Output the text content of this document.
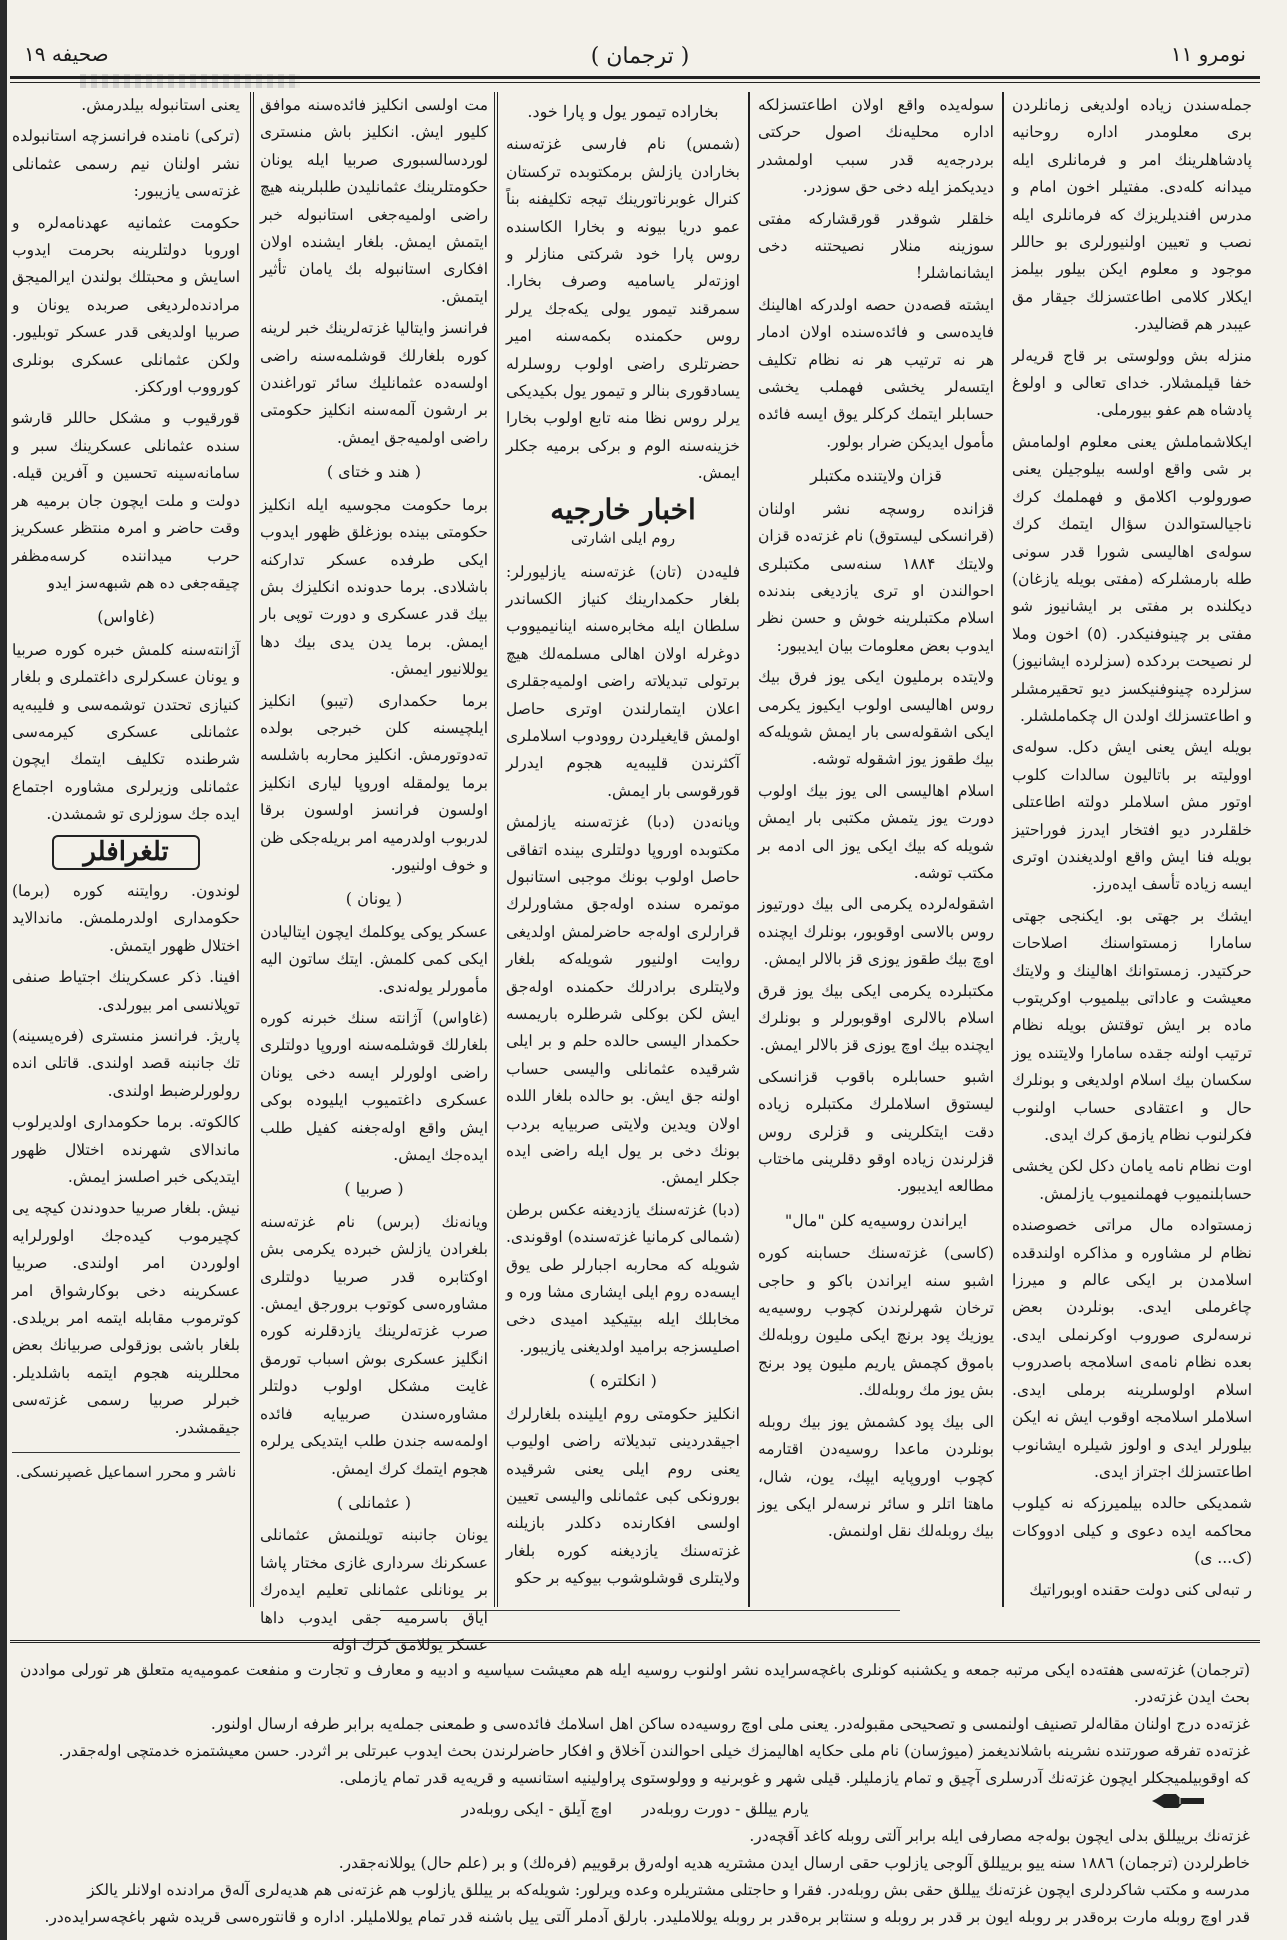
صحیفه ۱۹	( ترجمان )	نومرو ۱۱

جملەسندن زیادە اولدیغی زمانلردن بری معلومدر ادارە روحانیە پادشاهلرینك امر و فرمانلری ایلە میدانە کلەدی. مفتیلر اخون امام و مدرس افندیلریزك کە فرمانلری ایلە نصب و تعیین اولنیورلری بو حاللر موجود و معلوم ایکن بیلور بیلمز ایکلار کلامی اطاعتسزلك جیقار مق عیبدر هم قضالیدر.

منزلە بش وولوستی بر قاج قریەلر خفا قیلمشلار. خدای تعالی و اولوغ پادشاه هم عفو بیورملی.

ایکلاشماملش یعنی معلوم اولمامش بر شی واقع اولسە بیلوجیلن یعنی صورولوب اکلامق و فهملمك کرك ناجیالستوالدن سؤال ایتمك کرك سولەی اهالیسی شورا قدر سونی طلە بارمشلرکە (مفتی بویلە یازغان) دیکلندە بر مفتی بر ایشانیوز شو مفتی بر چینوفنیکدر. (٥) اخون وملا لر نصیحت بردکدە (سزلردە ایشانیوز) سزلردە چینوفنیکسز دیو تحقیرمشلر و اطاعتسزلك اولدن ال چکماملشلر.

بویلە ایش یعنی ایش دکل. سولەی اوولیتە بر باتالیون سالدات کلوب اوتور مش اسلاملر دولتە اطاعتلی خلقلردر دیو افتخار ایدرز فوراحتیز بویلە فنا ایش واقع اولدیغندن اوتری ایسە زیادە تأسف ایدەرز.

ایشك بر جهتی بو. ایکنجی جهتی سامارا زمستواسنك اصلاحات حرکتیدر. زمستوانك اهالینك و ولایتك معیشت و عاداتی بیلمیوب اوکریتوب ماده بر ایش توقتش بویلە نظام ترتیب اولنە جقدە سامارا ولایتندە یوز سکسان بیك اسلام اولدیغی و بونلرك حال و اعتقادی حساب اولنوب فکرلنوب نظام یازمق کرك ایدی.

اوت نظام نامە یامان دکل لکن یخشی حسابلنمیوب فهملنمیوب یازلمش.

زمستوادە مال مراتی خصوصندە نظام لر مشاورە و مذاکرە اولندقدە اسلامدن بر ایکی عالم و میرزا چاغرملی ایدی. بونلردن بعض نرسەلری صوروب اوکرنملی ایدی. بعدە نظام نامەی اسلامجە باصدروب اسلام اولوسلرینە برملی ایدی. اسلاملر اسلامجە اوقوب ایش نە ایکن بیلورلر ایدی و اولوز شیلرە ایشانوب اطاعتسزلك اجتراز ایدی.

شمدیکی حالدە بیلمیرزکە نە کیلوب محاکمە ایدە دعوی و کیلی ادووکات (ک... ی)

ر تبەلی کنی دولت حقندە اوبوراتیك

سولەیدە واقع اولان اطاعتسزلکە ادارە محلیەنك اصول حرکتی بردرجەیە قدر سبب اولمشدر دیدیکمز ایلە دخی حق سوزدر.

خلقلر شوقدر قورقشارکە مفتی سوزینە منلار نصیحتنە دخی ایشانماشلر!

ایشتە قصەدن حصە اولدرکە اهالینك فایدەسی و فائدەسندە اولان ادمار هر نە ترتیب هر نە نظام تکلیف ایتسەلر یخشی فهملب یخشی حسابلر ایتمك کرکلر یوق ایسە فائدە مأمول ایدیکن ضرار بولور.

قزان ولایتندە مکتبلر

قزاندە روسچە نشر اولنان (قرانسکی لیستوق) نام غزتەدە قزان ولایتك ۱۸۸۴ سنەسی مکتبلری احوالندن او تری یازدیغی بندندە اسلام مکتبلرینە خوش و حسن نظر ایدوب بعض معلومات بیان ایدیبور:

ولایتدە برملیون ایکی یوز فرق بیك روس اهالیسی اولوب ایکیوز یکرمی ایکی اشقولەسی بار ایمش شویلەکە بیك طقوز یوز اشقولە توشە.

اسلام اهالیسی الی یوز بیك اولوب دورت یوز یتمش مکتبی بار ایمش شویلە کە بیك ایکی یوز الی ادمە بر مکتب توشە.

اشقولەلردە یکرمی الی بیك دورتیوز روس بالاسی اوقوبور، بونلرك ایچندە اوچ بیك طقوز یوزی قز بالالر ایمش.

مکتبلردە یکرمی ایکی بیك یوز قرق اسلام بالالری اوقوبورلر و بونلرك ایچندە بیك اوچ یوزی قز بالالر ایمش.

اشبو حسابلرە باقوب قزانسکی لیستوق اسلاملرك مکتبلرە زیادە دقت ایتکلرینی و قزلری روس قزلرندن زیادە اوقو دقلرینی ماختاب مطالعە ایدیبور.

ایراندن روسیەیە کلن "مال"

(کاسی) غزتەسنك حسابنە کورە اشبو سنە ایراندن باکو و حاجی ترخان شهرلرندن کچوب روسیەیە یوزیك پود برنچ ایکی ملیون روبلەلك باموق کچمش یاریم ملیون پود برنج بش یوز مك روبلەلك.

الی بیك پود کشمش یوز بیك روبلە بونلردن ماعدا روسیەدن اقتارمە کچوب اوروپایە ایپك، یون، شال، ماهتا اتلر و سائر نرسەلر ایکی یوز بیك روبلەلك نقل اولنمش.

بخارادە تیمور یول و پارا خود.

(شمس) نام فارسی غزتەسنە بخارادن یازلش برمکتوبدە ترکستان کنرال غوبرناتورینك تیجە تکلیفنە بناً عمو دریا بیونە و بخارا الکاسندە روس پارا خود شرکتی منازلر و اوزتەلر یاسامیە وصرف بخارا. سمرقند تیمور یولی یکەجك یرلر روس حکمندە بکمەسنە امیر حضرتلری راضی اولوب روسلرلە یسادقوری بنالر و تیمور یول بکیدیکی یرلر روس نظا منە تابع اولوب بخارا خزینەسنە الوم و برکی برمیە جکلر ایمش.

اخبار خارجیە
روم ایلی اشارتی

فلیەدن (تان) غزتەسنە یازلیورلر: بلغار حکمدارینك کنیاز الکساندر سلطان ایلە مخابرەسنە اینانیمیووب دوغرلە اولان اهالی مسلمەلك هیچ برتولی تبدیلاتە راضی اولمیەجقلری اعلان ایتمارلندن اوتری حاصل اولمش قایغیلردن روودوب اسلاملری آکثرندن قلیبەیە هجوم ایدرلر قورقوسی بار ایمش.

ویانەدن (دبا) غزتەسنە یازلمش مکتوبدە اوروپا دولتلری بیندە اتفاقی حاصل اولوب بونك موجبی استانبول موتمرە سندە اولەجق مشاورلرك قرارلری اولەجە حاضرلمش اولدیغی روایت اولنیور شویلەکە بلغار ولایتلری برادرلك حکمندە اولەجق ایش لکن بوکلی شرطلرە باریمسە حکمدار الیسی حالدە حلم و بر ایلی شرقیدە عثمانلی والیسی حساب اولنە جق ایش. بو حالدە بلغار اللدە اولان ویدین ولایتی صربیایە بردب بونك دخی بر یول ایلە راضی ایدە جکلر ایمش.

(دبا) غزتەسنك یازدیغنە عکس برطن (شمالی کرمانیا غزتەسندە) اوقوندی. شویلە کە محاربە اجبارلر طی یوق ایسەدە روم ایلی ایشاری مشا ورە و مخابلك ایلە بیتیکید امیدی دخی اصلیسزجە برامید اولدیغنی یازیبور.

( انکلترە )

انکلیز حکومتی روم ایلیندە بلغارلرك اجیقدردینی تبدیلاتە راضی اولیوب یعنی روم ایلی یعنی شرقیدە بورونكی کبی عثمانلی والیسی تعیین اولسی افکارندە دکلدر بازیلنە غزتەسنك یازدیغنە کورە بلغار ولایتلری قوشلوشوب بیوکیە بر حکو

مت اولسی انکلیز فائدەسنە موافق کلیور ایش. انکلیز باش منستری لوردسالسبوری صربیا ایلە یونان حکومتلرینك عثمانلیدن طلبلرینە هیچ راضی اولمیەجغی استانبولە خبر ایتمش ایمش. بلغار ایشندە اولان افکاری استانبولە بك یامان تأثیر ایتمش.

فرانسز وایتالیا غزتەلرینك خبر لرینە کورە بلغارلك قوشلمەسنە راضی اولسەدە عثمانلیك سائر توراغندن بر ارشون آلمەسنە انکلیز حکومتی راضی اولمیەجق ایمش.

( هند و ختای )

برما حکومت مجوسیە ایلە انکلیز حکومتی بیندە بوزغلق ظهور ایدوب ایکی طرفدە عسکر تدارکنە باشلادی. برما حدوندە انکلیزك بش بیك قدر عسکری و دورت توپی بار ایمش. برما یدن یدی بیك دها یوللانیور ایمش.

برما حکمداری (تیبو) انکلیز ایلچیسنە کلن خبرجی بولدە تەدوتورمش. انکلیز محاربە باشلسە برما یولمقلە اوروپا لیاری انکلیز اولسون فرانسز اولسون برقا لدربوب اولدرمیە امر بریلەجکی ظن و خوف اولنیور.

( یونان )

عسکر یوکی یوکلمك ایچون ایتالیادن ایکی کمی کلمش. ایتك ساتون الیە مأمورلر یولەندی.

(غاواس) آژانتە سنك خبرنە کورە بلغارلك قوشلمەسنە اوروپا دولتلری راضی اولورلر ایسە دخی یونان عسکری داغتمیوب ایلیودە بوکی ایش واقع اولەجغنە کفیل طلب ایدەجك ایمش.

( صربیا )

ویانەنك (برس) نام غزتەسنە بلغرادن یازلش خبردە یکرمی بش اوکتابرە قدر صربیا دولتلری مشاورەسی کوتوب برورجق ایمش. صرب غزتەلرینك یازدقلرنە کورە انگلیز عسکری بوش اسباب تورمق غایت مشکل اولوب دولتلر مشاورەسندن صربیایە فائدە اولمەسە جندن طلب ایتدیکی یرلرە هجوم ایتمك کرك ایمش.

( عثمانلی )

یونان جانبنە تویلنمش عثمانلی عسکرنك سرداری غازی مختار پاشا بر یونانلی عثمانلی تعلیم ایدەرك ایاق باسرمیە جقی ایدوب داها عسکر یوللامق کرك اوله

یعنی استانبولە بیلدرمش.

(ترکی) نامندە فرانسزچە استانبولدە نشر اولنان نیم رسمی عثمانلی غزتەسی یازیبور:

حکومت عثمانیە عهدنامەلرە و اوروبا دولتلرینە بحرمت ایدوب اسایش و محبتلك بولندن ایرالمیجق مرادندەلردیغی صربدە یونان و صربیا اولدیغی قدر عسکر توبلیور. ولکن عثمانلی عسکری بونلری کورووب اورککز.

قورقیوب و مشکل حاللر قارشو سندە عثمانلی عسکرینك سبر و سامانەسینە تحسین و آفرین قیلە. دولت و ملت ایچون جان برمیە هر وقت حاضر و امرہ منتظر عسکریز حرب میدانندە کرسەمظفر چیقەجغی ده هم شبهەسز ایدو

(غاواس)

آژانتەسنە کلمش خبرە کورە صربیا و یونان عسکرلری داغتملری و بلغار کنیازی تحتدن توشمەسی و فلیبەیە عثمانلی عسکری کیرمەسی شرطندە تکلیف ایتمك ایچون عثمانلی وزیرلری مشاورە اجتماع ایدە جك سوزلری تو شمشدن.

تلغرافلر

لوندون. روایتنە کورە (برما) حکومداری اولدرملمش. ماندالاید اختلال ظهور ایتمش.

افینا. ذکر عسکرینك اجتیاط صنفی توپلانسی امر بیورلدی.

پاریژ. فرانسز منستری (فرەیسینە) تك جانبنە قصد اولندی. قاتلی اندە رولورلرضبط اولندی.

کالکوتە. برما حکومداری اولدیرلوب ماندالای شهرندە اختلال ظهور ایتدیکی خبر اصلسز ایمش.

نیش. بلغار صربیا حدودندن کیچە یی کچیرموب کیدەجك اولورلرایە اولوردن امر اولندی. صربیا عسکرینە دخی بوکارشواق امر کوترموب مقابلە ایتمە امر بریلدی. بلغار باشی بوزقولی صربیانك بعض محللرینە هجوم ایتمە باشلدیلر. خبرلر صربیا رسمی غزتەسی جیقمشدر.

ناشر و محرر اسماعیل غصپرنسکی.

(ترجمان) غزتەسی هفتەدە ایکی مرتبە جمعە و یکشنبە کونلری باغچەسرایدە نشر اولنوب روسیە ایلە هم معیشت سیاسیە و ادبیە و معارف و تجارت و منفعت عمومیەیە متعلق هر تورلی مواددن بحث ایدن غزتەدر.

غزتەدە درج اولنان مقالەلر تصنیف اولنمسی و تصحیحی مقبولەدر. یعنی ملی اوچ روسیەدە ساکن اهل اسلامك فائدەسی و طمعنی جملەیە برابر طرفە ارسال اولنور.

غزتەدە تفرقە صورتندە نشرینە باشلاندیغمز (میوژسان) نام ملی حکایە اهالیمزك خیلی احوالندن آخلاق و افکار حاضرلرندن بحث ایدوب عبرتلی بر اثردر. حسن معیشتمزە خدمتچی اولەجقدر.

کە اوقوبیلمیجکلر ایچون غزتەنك آدرسلری آچیق و تمام یازملیلر. قیلی شهر و غوبرنیە و وولوستوی پراولینیە استانسیە و قریەیە قدر تمام یازملی.

یارم ییللق - دورت روبلەدر      اوچ آیلق - ایکی روبلەدر

غزتەنك برییللق بدلی ایچون بولەجە مصارفی ایلە برابر آلتی روبلە کاغد آقچەدر.

خاطرلردن (ترجمان) ۱۸۸٦ سنە ییو برییللق آلوجی یازلوب حقی ارسال ایدن مشتریە هدیە اولەرق برقوییم (فرەلك) و بر (علم حال) یوللانەجقدر.

مدرسە و مکتب شاکردلری ایچون غزتەنك ییللق حقی بش روبلەدر. فقرا و حاجتلی مشتریلرە وعدە ویرلور: شویلەکە بر ییللق یازلوب هم غزتەنی هم هدیەلری آلەق مرادندە اولانلر یالکز

قدر اوچ روبلە مارت برەقدر بر روبلە ایون بر قدر بر روبلە و سنتابر برەقدر بر روبلە یوللاملیدر. بارلق آدملر آلتی ییل باشنە قدر تمام یوللاملیلر. اداره و قانتورەسی قریدە شهر باغچەسرایدەدر.
